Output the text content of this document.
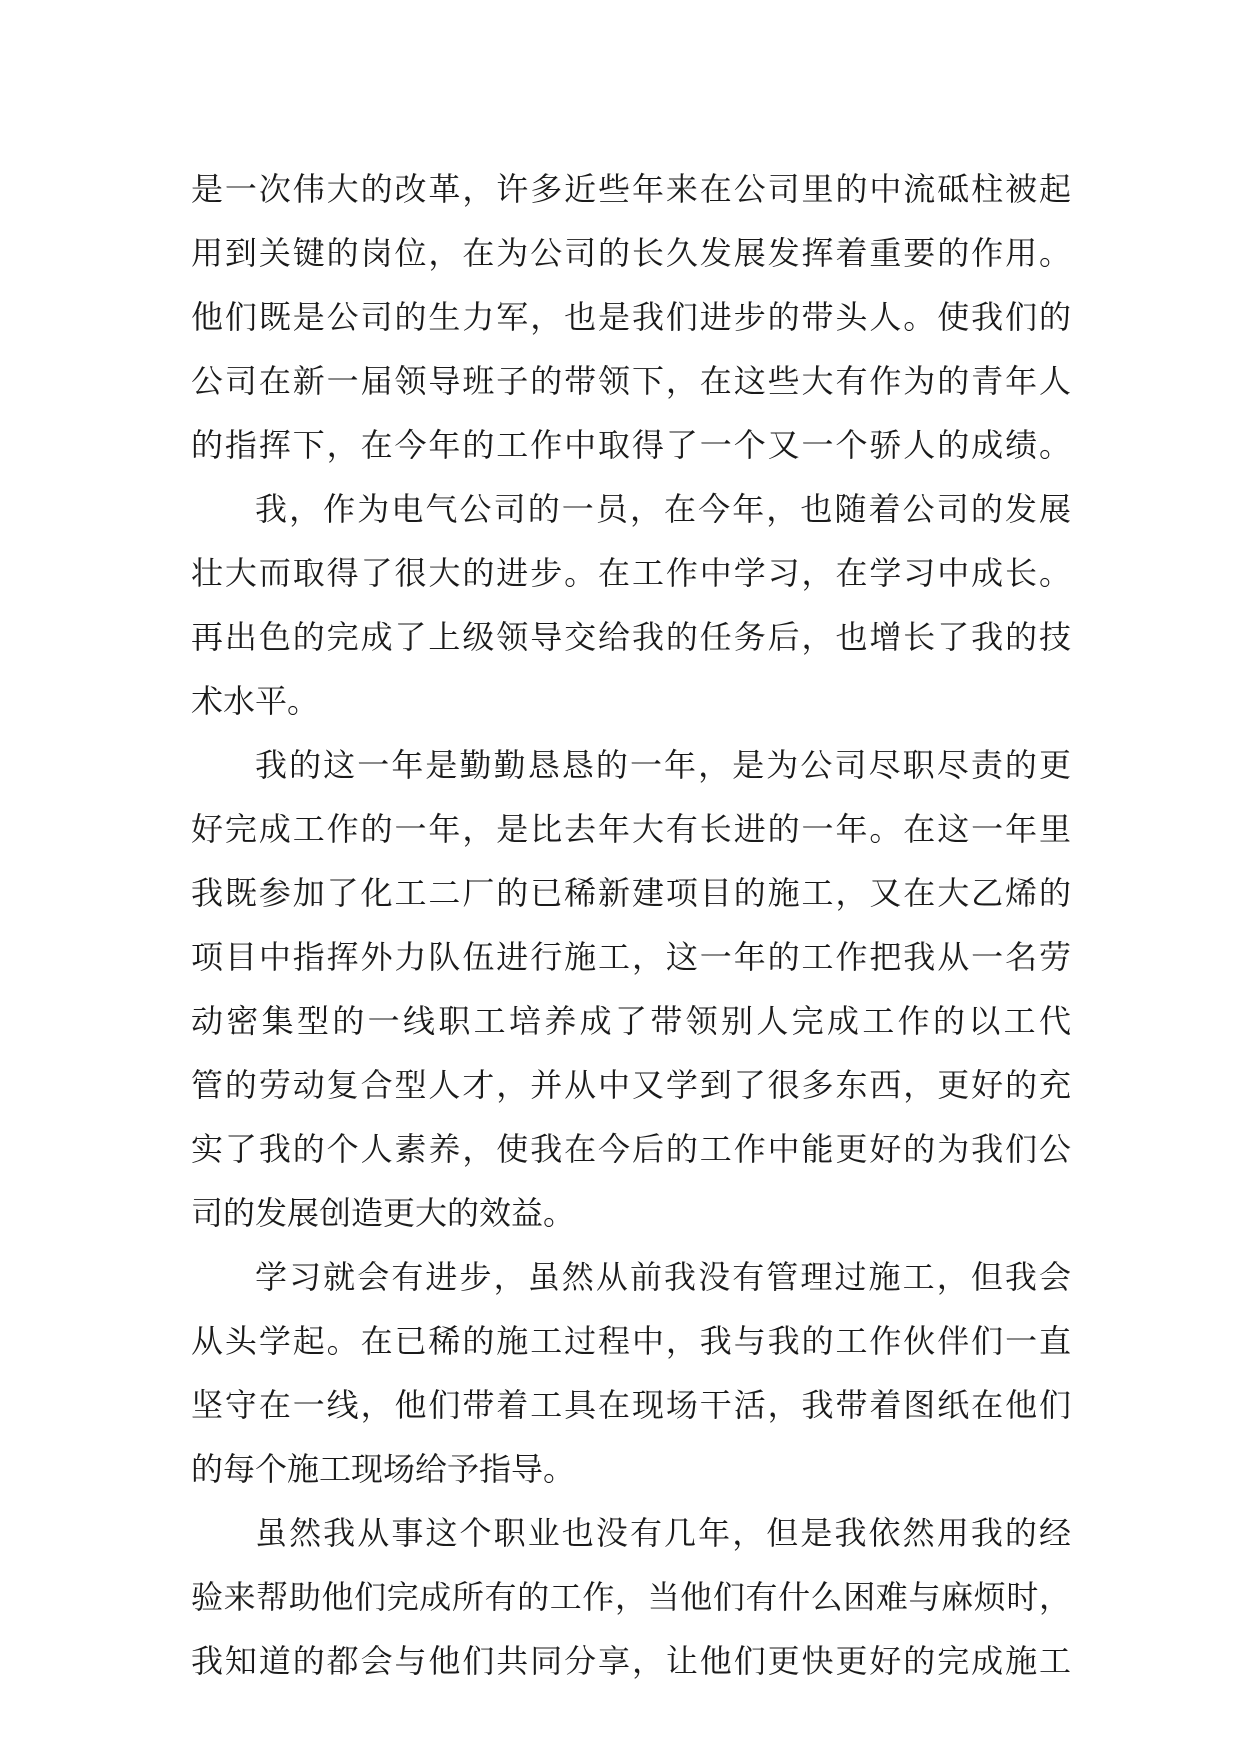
是一次伟大的改革，许多近些年来在公司里的中流砥柱被起
用到关键的岗位，在为公司的长久发展发挥着重要的作用。
他们既是公司的生力军，也是我们进步的带头人。使我们的
公司在新一届领导班子的带领下，在这些大有作为的青年人
的指挥下，在今年的工作中取得了一个又一个骄人的成绩。
我，作为电气公司的一员，在今年，也随着公司的发展
壮大而取得了很大的进步。在工作中学习，在学习中成长。
再出色的完成了上级领导交给我的任务后，也增长了我的技
术水平。
我的这一年是勤勤恳恳的一年，是为公司尽职尽责的更
好完成工作的一年，是比去年大有长进的一年。在这一年里
我既参加了化工二厂的已稀新建项目的施工，又在大乙烯的
项目中指挥外力队伍进行施工，这一年的工作把我从一名劳
动密集型的一线职工培养成了带领别人完成工作的以工代
管的劳动复合型人才，并从中又学到了很多东西，更好的充
实了我的个人素养，使我在今后的工作中能更好的为我们公
司的发展创造更大的效益。
学习就会有进步，虽然从前我没有管理过施工，但我会
从头学起。在已稀的施工过程中，我与我的工作伙伴们一直
坚守在一线，他们带着工具在现场干活，我带着图纸在他们
的每个施工现场给予指导。
虽然我从事这个职业也没有几年，但是我依然用我的经
验来帮助他们完成所有的工作，当他们有什么困难与麻烦时，
我知道的都会与他们共同分享，让他们更快更好的完成施工
